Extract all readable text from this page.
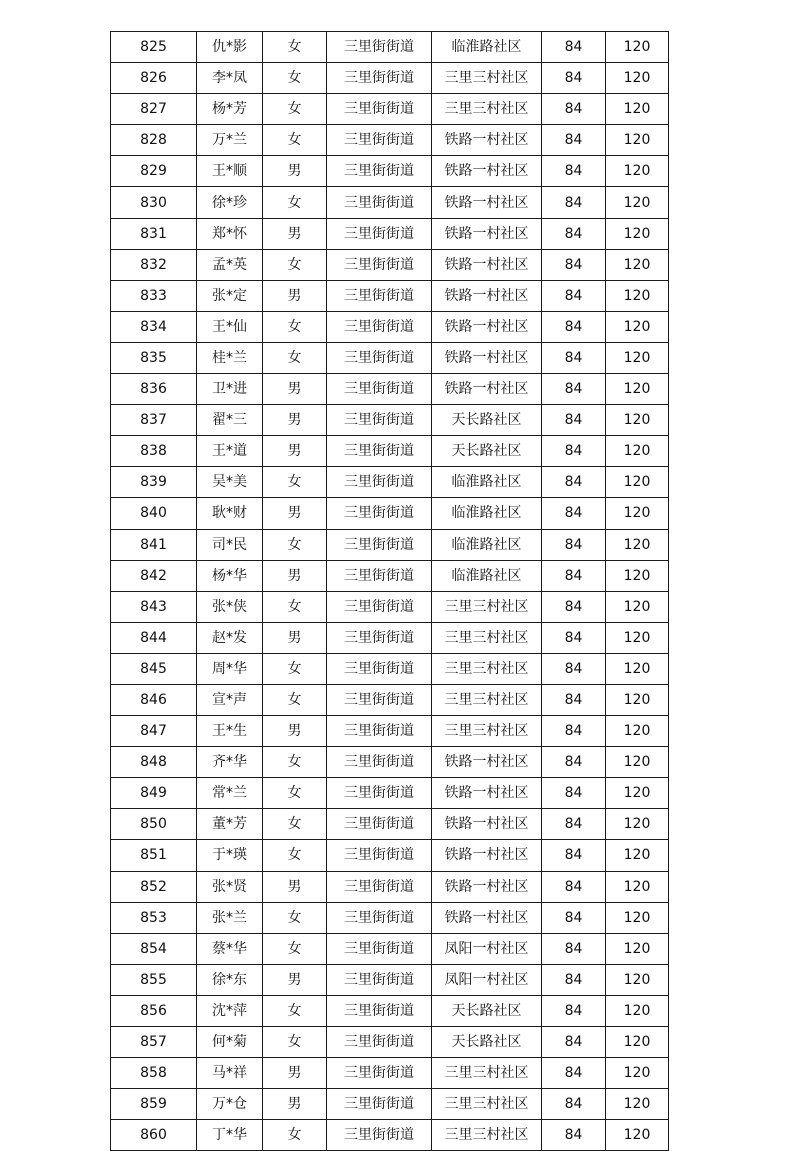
825	仇*影	女	三里街街道	临淮路社区	84	120
826	李*凤	女	三里街街道	三里三村社区	84	120
827	杨*芳	女	三里街街道	三里三村社区	84	120
828	万*兰	女	三里街街道	铁路一村社区	84	120
829	王*顺	男	三里街街道	铁路一村社区	84	120
830	徐*珍	女	三里街街道	铁路一村社区	84	120
831	郑*怀	男	三里街街道	铁路一村社区	84	120
832	孟*英	女	三里街街道	铁路一村社区	84	120
833	张*定	男	三里街街道	铁路一村社区	84	120
834	王*仙	女	三里街街道	铁路一村社区	84	120
835	桂*兰	女	三里街街道	铁路一村社区	84	120
836	卫*进	男	三里街街道	铁路一村社区	84	120
837	翟*三	男	三里街街道	天长路社区	84	120
838	王*道	男	三里街街道	天长路社区	84	120
839	吴*美	女	三里街街道	临淮路社区	84	120
840	耿*财	男	三里街街道	临淮路社区	84	120
841	司*民	女	三里街街道	临淮路社区	84	120
842	杨*华	男	三里街街道	临淮路社区	84	120
843	张*侠	女	三里街街道	三里三村社区	84	120
844	赵*发	男	三里街街道	三里三村社区	84	120
845	周*华	女	三里街街道	三里三村社区	84	120
846	宣*声	女	三里街街道	三里三村社区	84	120
847	王*生	男	三里街街道	三里三村社区	84	120
848	齐*华	女	三里街街道	铁路一村社区	84	120
849	常*兰	女	三里街街道	铁路一村社区	84	120
850	董*芳	女	三里街街道	铁路一村社区	84	120
851	于*瑛	女	三里街街道	铁路一村社区	84	120
852	张*贤	男	三里街街道	铁路一村社区	84	120
853	张*兰	女	三里街街道	铁路一村社区	84	120
854	蔡*华	女	三里街街道	凤阳一村社区	84	120
855	徐*东	男	三里街街道	凤阳一村社区	84	120
856	沈*萍	女	三里街街道	天长路社区	84	120
857	何*菊	女	三里街街道	天长路社区	84	120
858	马*祥	男	三里街街道	三里三村社区	84	120
859	万*仓	男	三里街街道	三里三村社区	84	120
860	丁*华	女	三里街街道	三里三村社区	84	120
